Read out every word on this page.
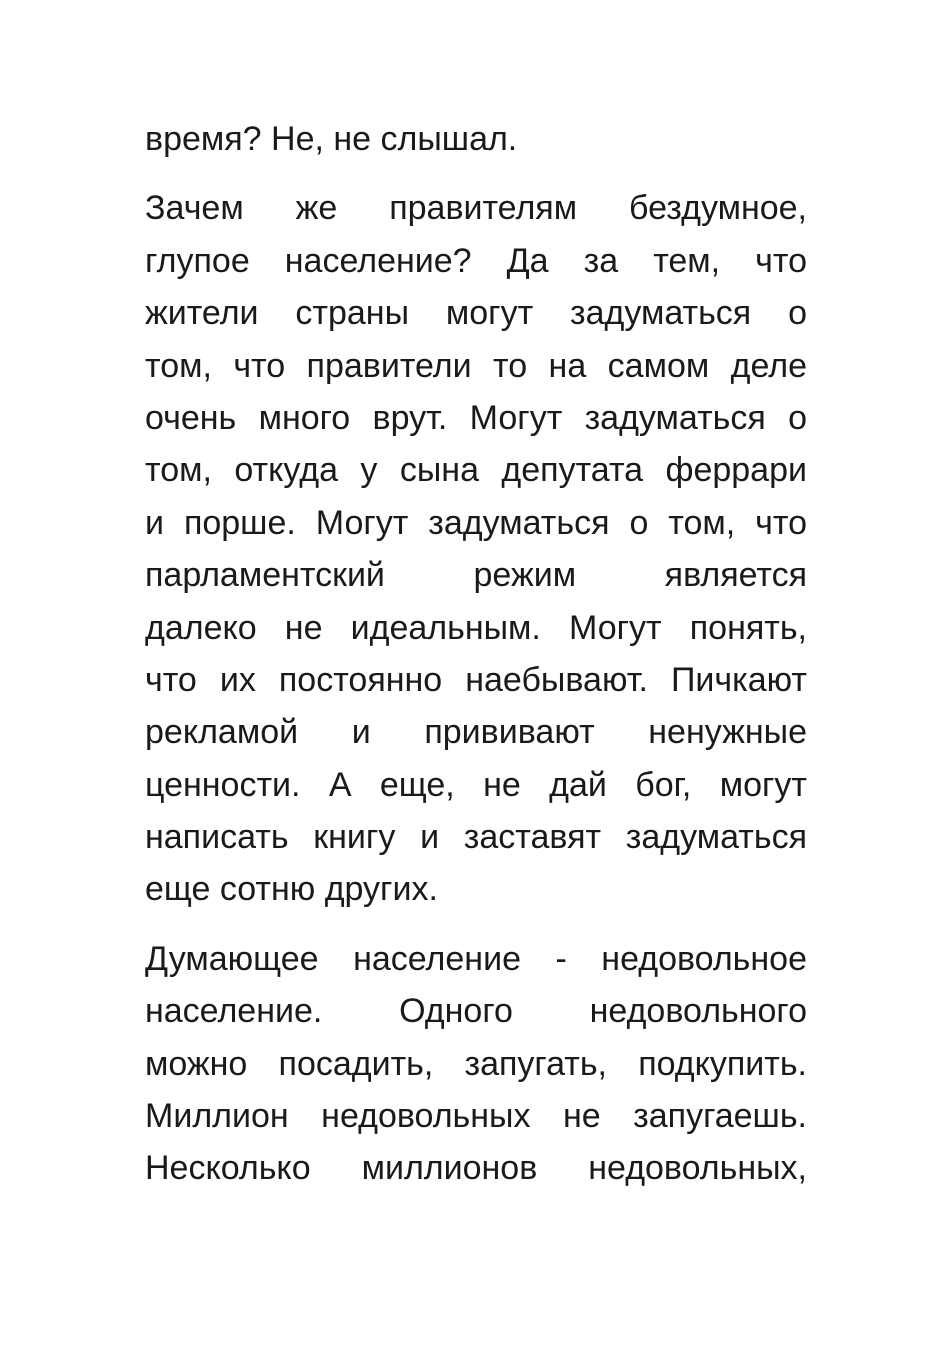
время? Не, не слышал.
Зачем же правителям бездумное,
глупое население? Да за тем, что
жители страны могут задуматься о
том, что правители то на самом деле
очень много врут. Могут задуматься о
том, откуда у сына депутата феррари
и порше. Могут задуматься о том, что
парламентский режим является
далеко не идеальным. Могут понять,
что их постоянно наебывают. Пичкают
рекламой и прививают ненужные
ценности. А еще, не дай бог, могут
написать книгу и заставят задуматься
еще сотню других.
Думающее население - недовольное
население. Одного недовольного
можно посадить, запугать, подкупить.
Миллион недовольных не запугаешь.
Несколько миллионов недовольных,
